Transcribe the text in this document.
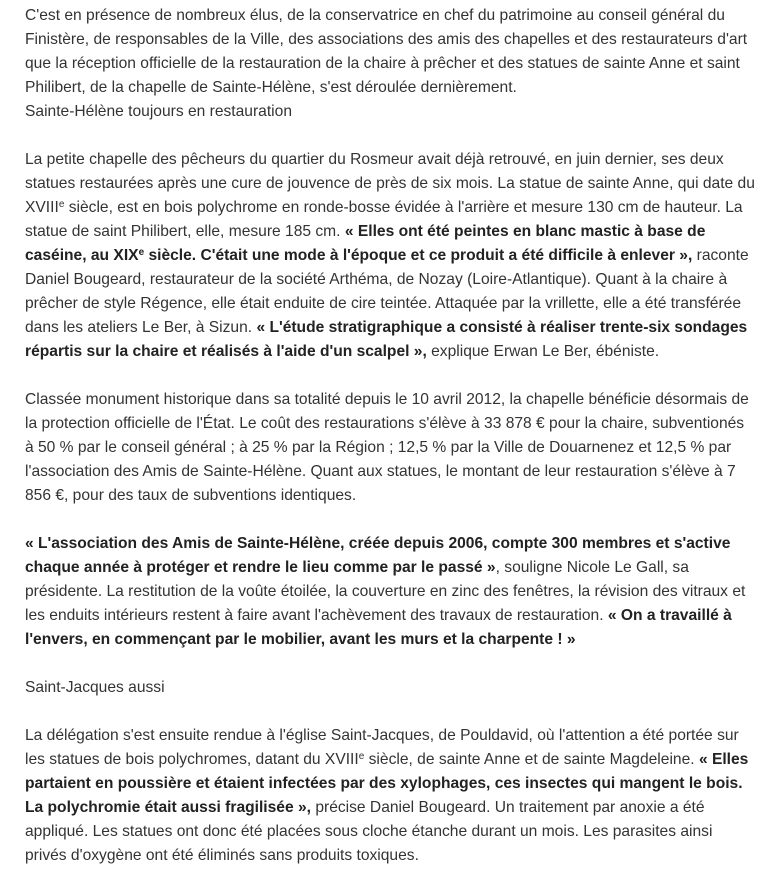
C'est en présence de nombreux élus, de la conservatrice en chef du patrimoine au conseil général du Finistère, de responsables de la Ville, des associations des amis des chapelles et des restaurateurs d'art que la réception officielle de la restauration de la chaire à prêcher et des statues de sainte Anne et saint Philibert, de la chapelle de Sainte-Hélène, s'est déroulée dernièrement.
Sainte-Hélène toujours en restauration

La petite chapelle des pêcheurs du quartier du Rosmeur avait déjà retrouvé, en juin dernier, ses deux statues restaurées après une cure de jouvence de près de six mois. La statue de sainte Anne, qui date du XVIIIe siècle, est en bois polychrome en ronde-bosse évidée à l'arrière et mesure 130 cm de hauteur. La statue de saint Philibert, elle, mesure 185 cm. « Elles ont été peintes en blanc mastic à base de caséine, au XIXe siècle. C'était une mode à l'époque et ce produit a été difficile à enlever », raconte Daniel Bougeard, restaurateur de la société Arthéma, de Nozay (Loire-Atlantique). Quant à la chaire à prêcher de style Régence, elle était enduite de cire teintée. Attaquée par la vrillette, elle a été transférée dans les ateliers Le Ber, à Sizun. « L'étude stratigraphique a consisté à réaliser trente-six sondages répartis sur la chaire et réalisés à l'aide d'un scalpel », explique Erwan Le Ber, ébéniste.

Classée monument historique dans sa totalité depuis le 10 avril 2012, la chapelle bénéficie désormais de la protection officielle de l'État. Le coût des restaurations s'élève à 33 878 € pour la chaire, subventionés à 50 % par le conseil général ; à 25 % par la Région ; 12,5 % par la Ville de Douarnenez et 12,5 % par l'association des Amis de Sainte-Hélène. Quant aux statues, le montant de leur restauration s'élève à 7 856 €, pour des taux de subventions identiques.

« L'association des Amis de Sainte-Hélène, créée depuis 2006, compte 300 membres et s'active chaque année à protéger et rendre le lieu comme par le passé », souligne Nicole Le Gall, sa présidente. La restitution de la voûte étoilée, la couverture en zinc des fenêtres, la révision des vitraux et les enduits intérieurs restent à faire avant l'achèvement des travaux de restauration. « On a travaillé à l'envers, en commençant par le mobilier, avant les murs et la charpente ! »

Saint-Jacques aussi

La délégation s'est ensuite rendue à l'église Saint-Jacques, de Pouldavid, où l'attention a été portée sur les statues de bois polychromes, datant du XVIIIe siècle, de sainte Anne et de sainte Magdeleine. « Elles partaient en poussière et étaient infectées par des xylophages, ces insectes qui mangent le bois. La polychromie était aussi fragilisée », précise Daniel Bougeard. Un traitement par anoxie a été appliqué. Les statues ont donc été placées sous cloche étanche durant un mois. Les parasites ainsi privés d'oxygène ont été éliminés sans produits toxiques.
